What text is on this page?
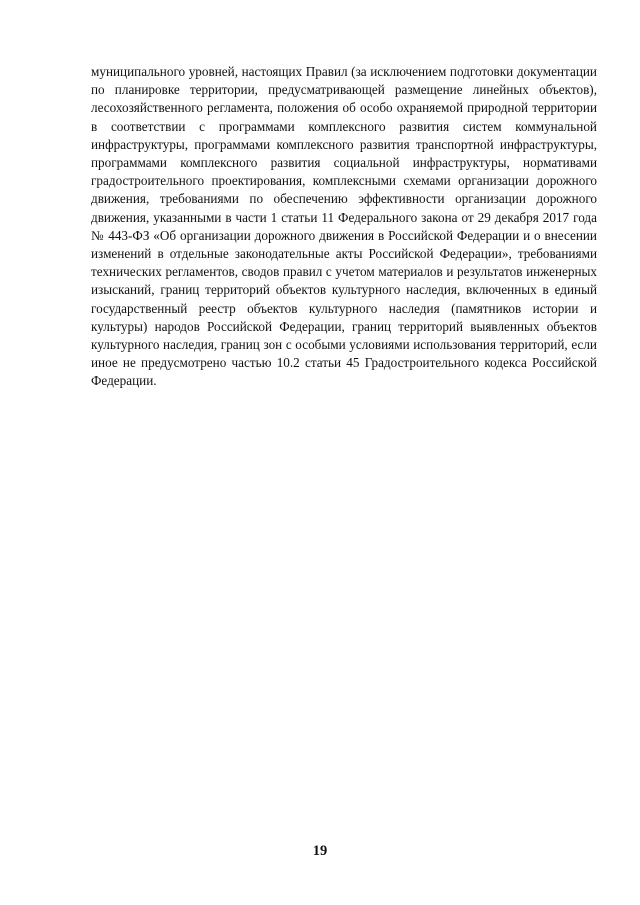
муниципального уровней, настоящих Правил (за исключением подготовки документации по планировке территории, предусматривающей размещение линейных объектов), лесохозяйственного регламента, положения об особо охраняемой природной территории в соответствии с программами комплексного развития систем коммунальной инфраструктуры, программами комплексного развития транспортной инфраструктуры, программами комплексного развития социальной инфраструктуры, нормативами градостроительного проектирования, комплексными схемами организации дорожного движения, требованиями по обеспечению эффективности организации дорожного движения, указанными в части 1 статьи 11 Федерального закона от 29 декабря 2017 года № 443-ФЗ «Об организации дорожного движения в Российской Федерации и о внесении изменений в отдельные законодательные акты Российской Федерации», требованиями технических регламентов, сводов правил с учетом материалов и результатов инженерных изысканий, границ территорий объектов культурного наследия, включенных в единый государственный реестр объектов культурного наследия (памятников истории и культуры) народов Российской Федерации, границ территорий выявленных объектов культурного наследия, границ зон с особыми условиями использования территорий, если иное не предусмотрено частью 10.2 статьи 45 Градостроительного кодекса Российской Федерации.

19
